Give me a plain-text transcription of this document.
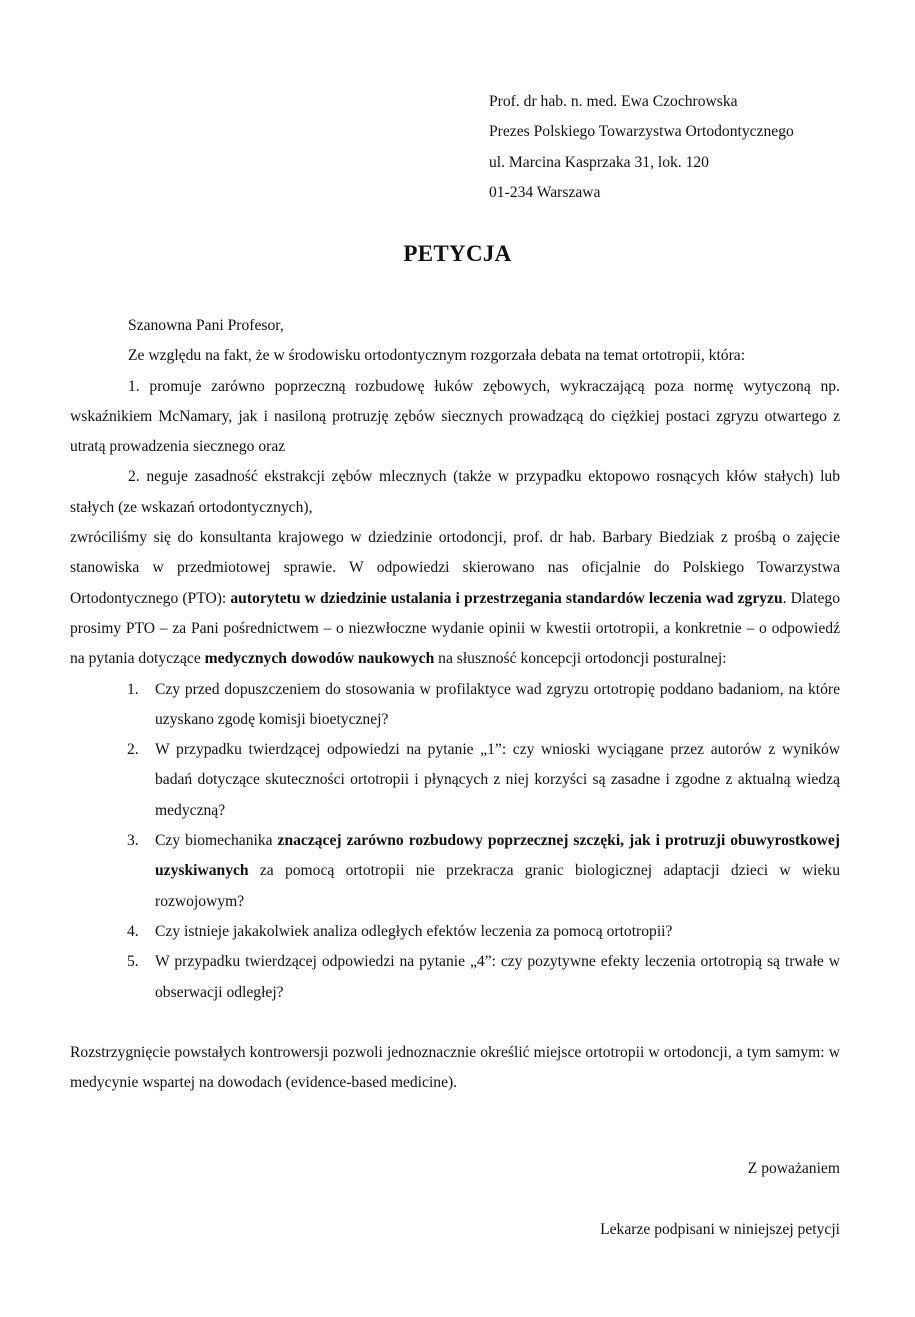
Prof. dr hab. n. med. Ewa Czochrowska
Prezes Polskiego Towarzystwa Ortodontycznego
ul. Marcina Kasprzaka 31, lok. 120
01-234 Warszawa
PETYCJA

Szanowna Pani Profesor,

Ze względu na fakt, że w środowisku ortodontycznym rozgorzała debata na temat ortotropii, która:

1. promuje zarówno poprzeczną rozbudowę łuków zębowych, wykraczającą poza normę wytyczoną np. wskaźnikiem McNamary, jak i nasiloną protruzję zębów siecznych prowadzącą do ciężkiej postaci zgryzu otwartego z utratą prowadzenia siecznego oraz

2. neguje zasadność ekstrakcji zębów mlecznych (także w przypadku ektopowo rosnących kłów stałych) lub stałych (ze wskazań ortodontycznych),

zwróciliśmy się do konsultanta krajowego w dziedzinie ortodoncji, prof. dr hab. Barbary Biedziak z prośbą o zajęcie stanowiska w przedmiotowej sprawie. W odpowiedzi skierowano nas oficjalnie do Polskiego Towarzystwa Ortodontycznego (PTO): autorytetu w dziedzinie ustalania i przestrzegania standardów leczenia wad zgryzu. Dlatego prosimy PTO – za Pani pośrednictwem – o niezwłoczne wydanie opinii w kwestii ortotropii, a konkretnie – o odpowiedź na pytania dotyczące medycznych dowodów naukowych na słuszność koncepcji ortodoncji posturalnej:

1. Czy przed dopuszczeniem do stosowania w profilaktyce wad zgryzu ortotropię poddano badaniom, na które uzyskano zgodę komisji bioetycznej?
2. W przypadku twierdzącej odpowiedzi na pytanie „1”: czy wnioski wyciągane przez autorów z wyników badań dotyczące skuteczności ortotropii i płynących z niej korzyści są zasadne i zgodne z aktualną wiedzą medyczną?
3. Czy biomechanika znaczącej zarówno rozbudowy poprzecznej szczęki, jak i protruzji obuwyrostkowej uzyskiwanych za pomocą ortotropii nie przekracza granic biologicznej adaptacji dzieci w wieku rozwojowym?
4. Czy istnieje jakakolwiek analiza odległych efektów leczenia za pomocą ortotropii?
5. W przypadku twierdzącej odpowiedzi na pytanie „4”: czy pozytywne efekty leczenia ortotropią są trwałe w obserwacji odległej?

Rozstrzygnięcie powstałych kontrowersji pozwoli jednoznacznie określić miejsce ortotropii w ortodoncji, a tym samym: w medycynie wspartej na dowodach (evidence-based medicine).

Z poważaniem
Lekarze podpisani w niniejszej petycji
